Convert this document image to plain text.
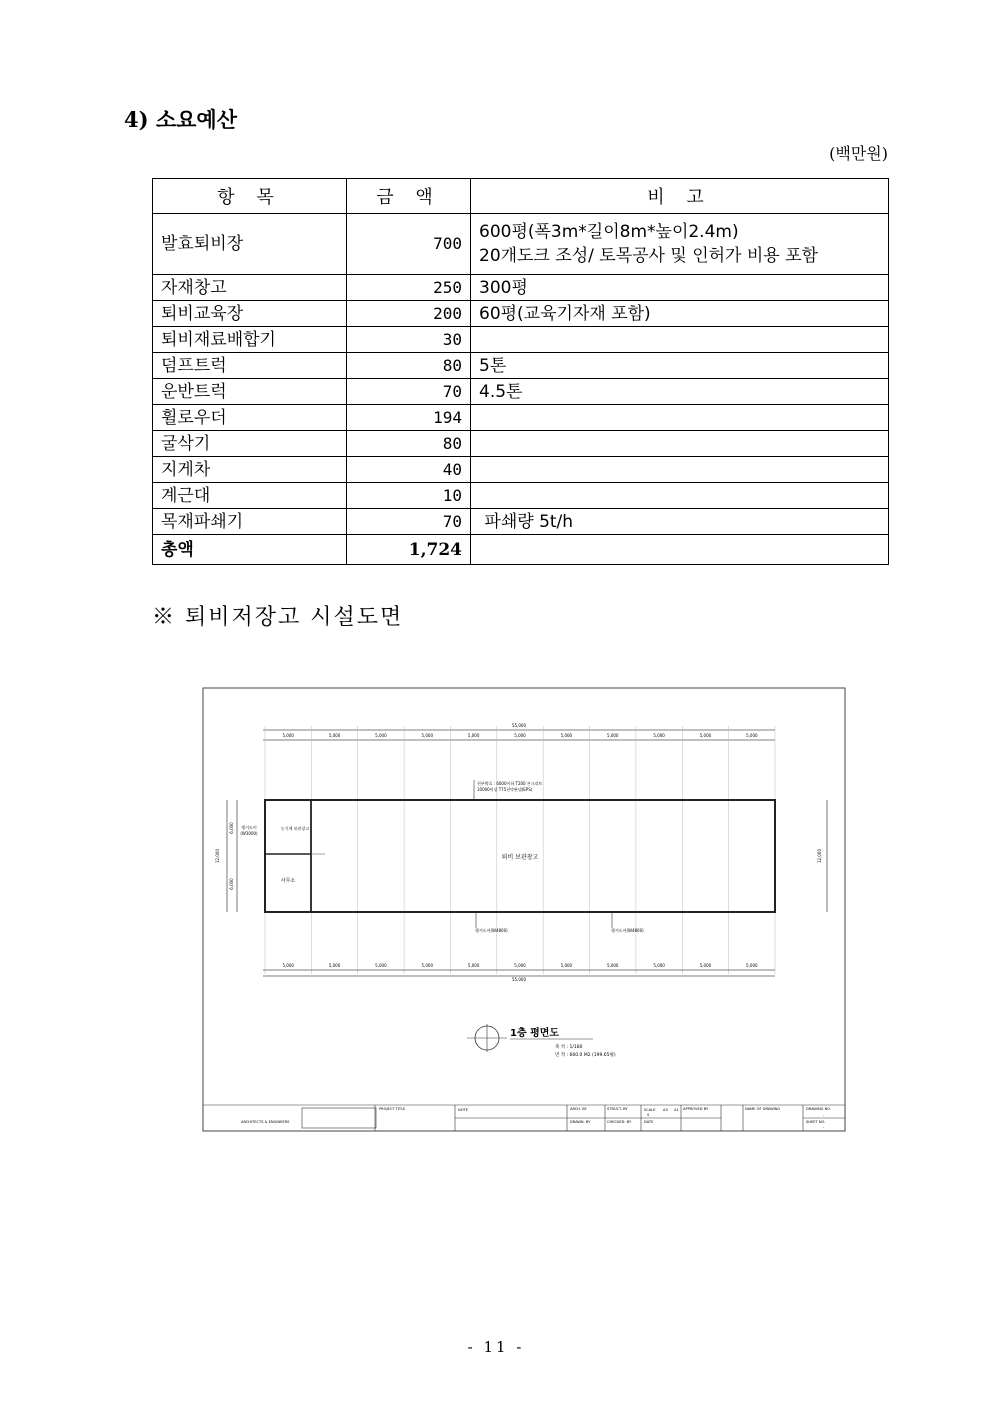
4) 소요예산
(백만원)
항 목	금 액	비 고
발효퇴비장	700	600평(폭3m*길이8m*높이2.4m)
20개도크 조성/ 토목공사 및 인허가 비용 포함

자재창고	250	300평
퇴비교육장	200	60평(교육기자재 포함)
퇴비재료배합기	30	
덤프트럭	80	5톤
운반트럭	70	4.5톤
휠로우더	194	
굴삭기	80	
지게차	40	
계근대	10	
목재파쇄기	70	파쇄량 5t/h
총액	1,724	
※ 퇴비저장고 시설도면
55,000
5,000	5,000	5,000	5,000	5,000	5,000	5,000	5,000	5,000	5,000	5,000
천부박료 : 6000이하 T200 콘크리트
10000이상 T75천막판넬(EPS)
12,000
6,000
6,000
12,000
농기계 보관창고
행거도어
(W3000)
사무소
퇴비 보관창고
행거도어(W4800)	행거도어(W4800)
5,000	5,000	5,000	5,000	5,000	5,000	5,000	5,000	5,000	5,000	5,000
55,000
1층 평면도
축 척 : 1/180
면 적 : 660.0 M2 (199.65평)
ARCHITECTS & ENGINEERS
PROJECT TITLE	NOTE	ARCH. BY	STRUCT. BY	SCALE A3 A1
S
APPROVED BY	NAME OF DRAWING	DRAWING NO.
-
DRAWN. BY	CHECKED. BY	DATE	SHEET NO.
-
- 11 -
